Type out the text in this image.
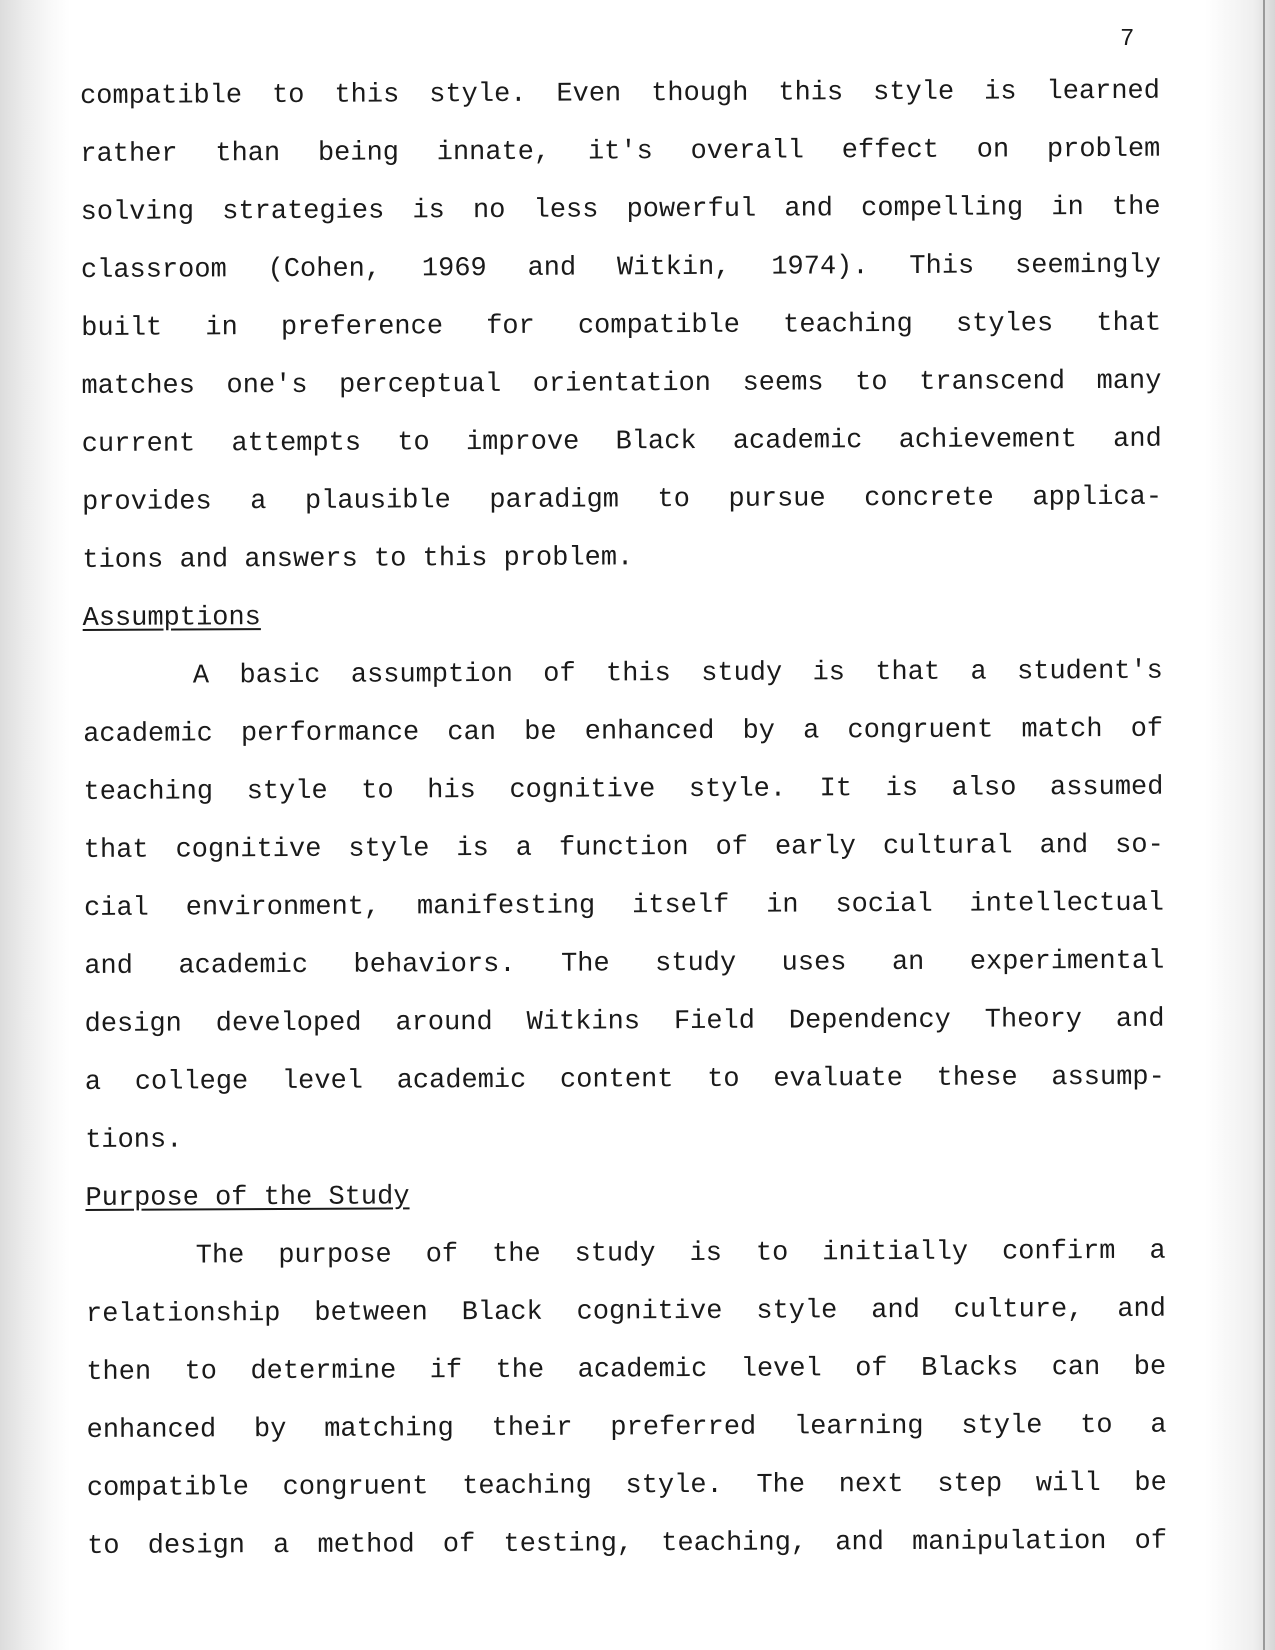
7
compatible to this style. Even though this style is learned
rather than being innate, it's overall effect on problem
solving strategies is no less powerful and compelling in the
classroom (Cohen, 1969 and Witkin, 1974). This seemingly
built in preference for compatible teaching styles that
matches one's perceptual orientation seems to transcend many
current attempts to improve Black academic achievement and
provides a plausible paradigm to pursue concrete applica-
tions and answers to this problem.
Assumptions
A basic assumption of this study is that a student's
academic performance can be enhanced by a congruent match of
teaching style to his cognitive style. It is also assumed
that cognitive style is a function of early cultural and so-
cial environment, manifesting itself in social intellectual
and academic behaviors. The study uses an experimental
design developed around Witkins Field Dependency Theory and
a college level academic content to evaluate these assump-
tions.
Purpose of the Study
The purpose of the study is to initially confirm a
relationship between Black cognitive style and culture, and
then to determine if the academic level of Blacks can be
enhanced by matching their preferred learning style to a
compatible congruent teaching style. The next step will be
to design a method of testing, teaching, and manipulation of
